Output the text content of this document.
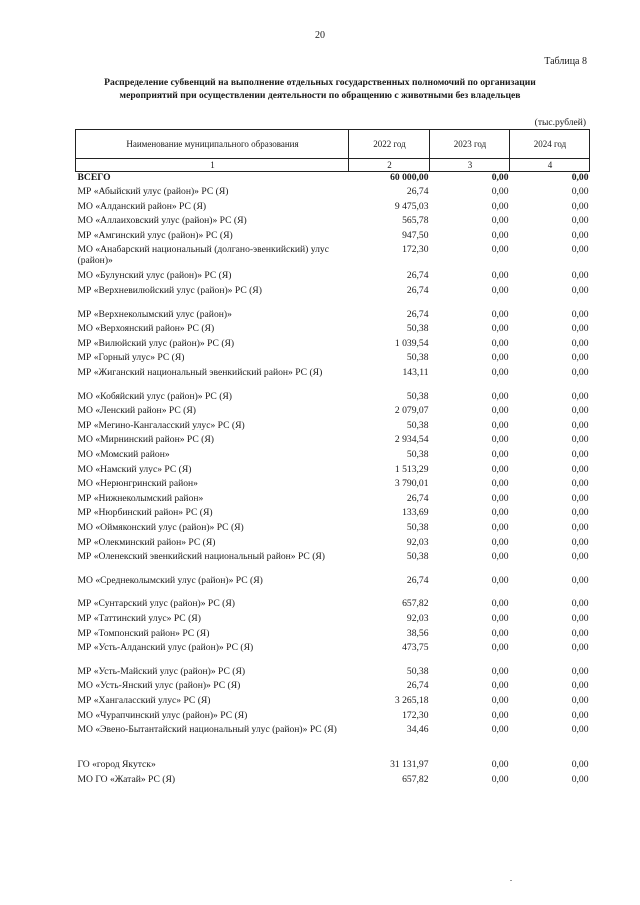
20
Таблица 8
Распределение субвенций на выполнение отдельных государственных полномочий по организации
мероприятий при осуществлении деятельности по обращению с животными без владельцев
(тыс.рублей)
Наименование муниципального образования	2022 год	2023 год	2024 год
1	2	3	4
ВСЕГО	60 000,00	0,00	0,00
МР «Абыйский улус (район)» РС (Я)	26,74	0,00	0,00
МО «Алданский район» РС (Я)	9 475,03	0,00	0,00
МО «Аллаиховский улус (район)» РС (Я)	565,78	0,00	0,00
МР «Амгинский улус (район)» РС (Я)	947,50	0,00	0,00
МО «Анабарский национальный (долгано-эвенкийский) улус (район)»	172,30	0,00	0,00
МО «Булунский улус (район)» РС (Я)	26,74	0,00	0,00
МР «Верхневилюйский улус (район)» РС (Я)	26,74	0,00	0,00

МР «Верхнеколымский улус (район)»	26,74	0,00	0,00
МО «Верхоянский район» РС (Я)	50,38	0,00	0,00
МР «Вилюйский улус (район)» РС (Я)	1 039,54	0,00	0,00
МР «Горный улус» РС (Я)	50,38	0,00	0,00
МР «Жиганский национальный эвенкийский район» РС (Я)	143,11	0,00	0,00

МО «Кобяйский улус (район)» РС (Я)	50,38	0,00	0,00
МО «Ленский район» РС (Я)	2 079,07	0,00	0,00
МР «Мегино-Кангаласский улус» РС (Я)	50,38	0,00	0,00
МО «Мирнинский район» РС (Я)	2 934,54	0,00	0,00
МО «Момский район»	50,38	0,00	0,00
МО «Намский улус» РС (Я)	1 513,29	0,00	0,00
МО «Нерюнгринский район»	3 790,01	0,00	0,00
МР «Нижнеколымский район»	26,74	0,00	0,00
МР «Нюрбинский район» РС (Я)	133,69	0,00	0,00
МО «Оймяконский улус (район)» РС (Я)	50,38	0,00	0,00
МР «Олекминский район» РС (Я)	92,03	0,00	0,00
МР «Оленекский эвенкийский национальный район» РС (Я)	50,38	0,00	0,00

МО «Среднеколымский улус (район)» РС (Я)	26,74	0,00	0,00

МР «Сунтарский улус (район)» РС (Я)	657,82	0,00	0,00
МР «Таттинский улус» РС (Я)	92,03	0,00	0,00
МР «Томпонский район» РС (Я)	38,56	0,00	0,00
МР «Усть-Алданский улус (район)» РС (Я)	473,75	0,00	0,00

МР «Усть-Майский улус (район)» РС (Я)	50,38	0,00	0,00
МО «Усть-Янский улус (район)» РС (Я)	26,74	0,00	0,00
МР «Хангаласский улус» РС (Я)	3 265,18	0,00	0,00
МО «Чурапчинский улус (район)» РС (Я)	172,30	0,00	0,00
МО «Эвено-Бытантайский национальный улус (район)» РС (Я)	34,46	0,00	0,00

ГО «город Якутск»	31 131,97	0,00	0,00
МО ГО «Жатай» РС (Я)	657,82	0,00	0,00
